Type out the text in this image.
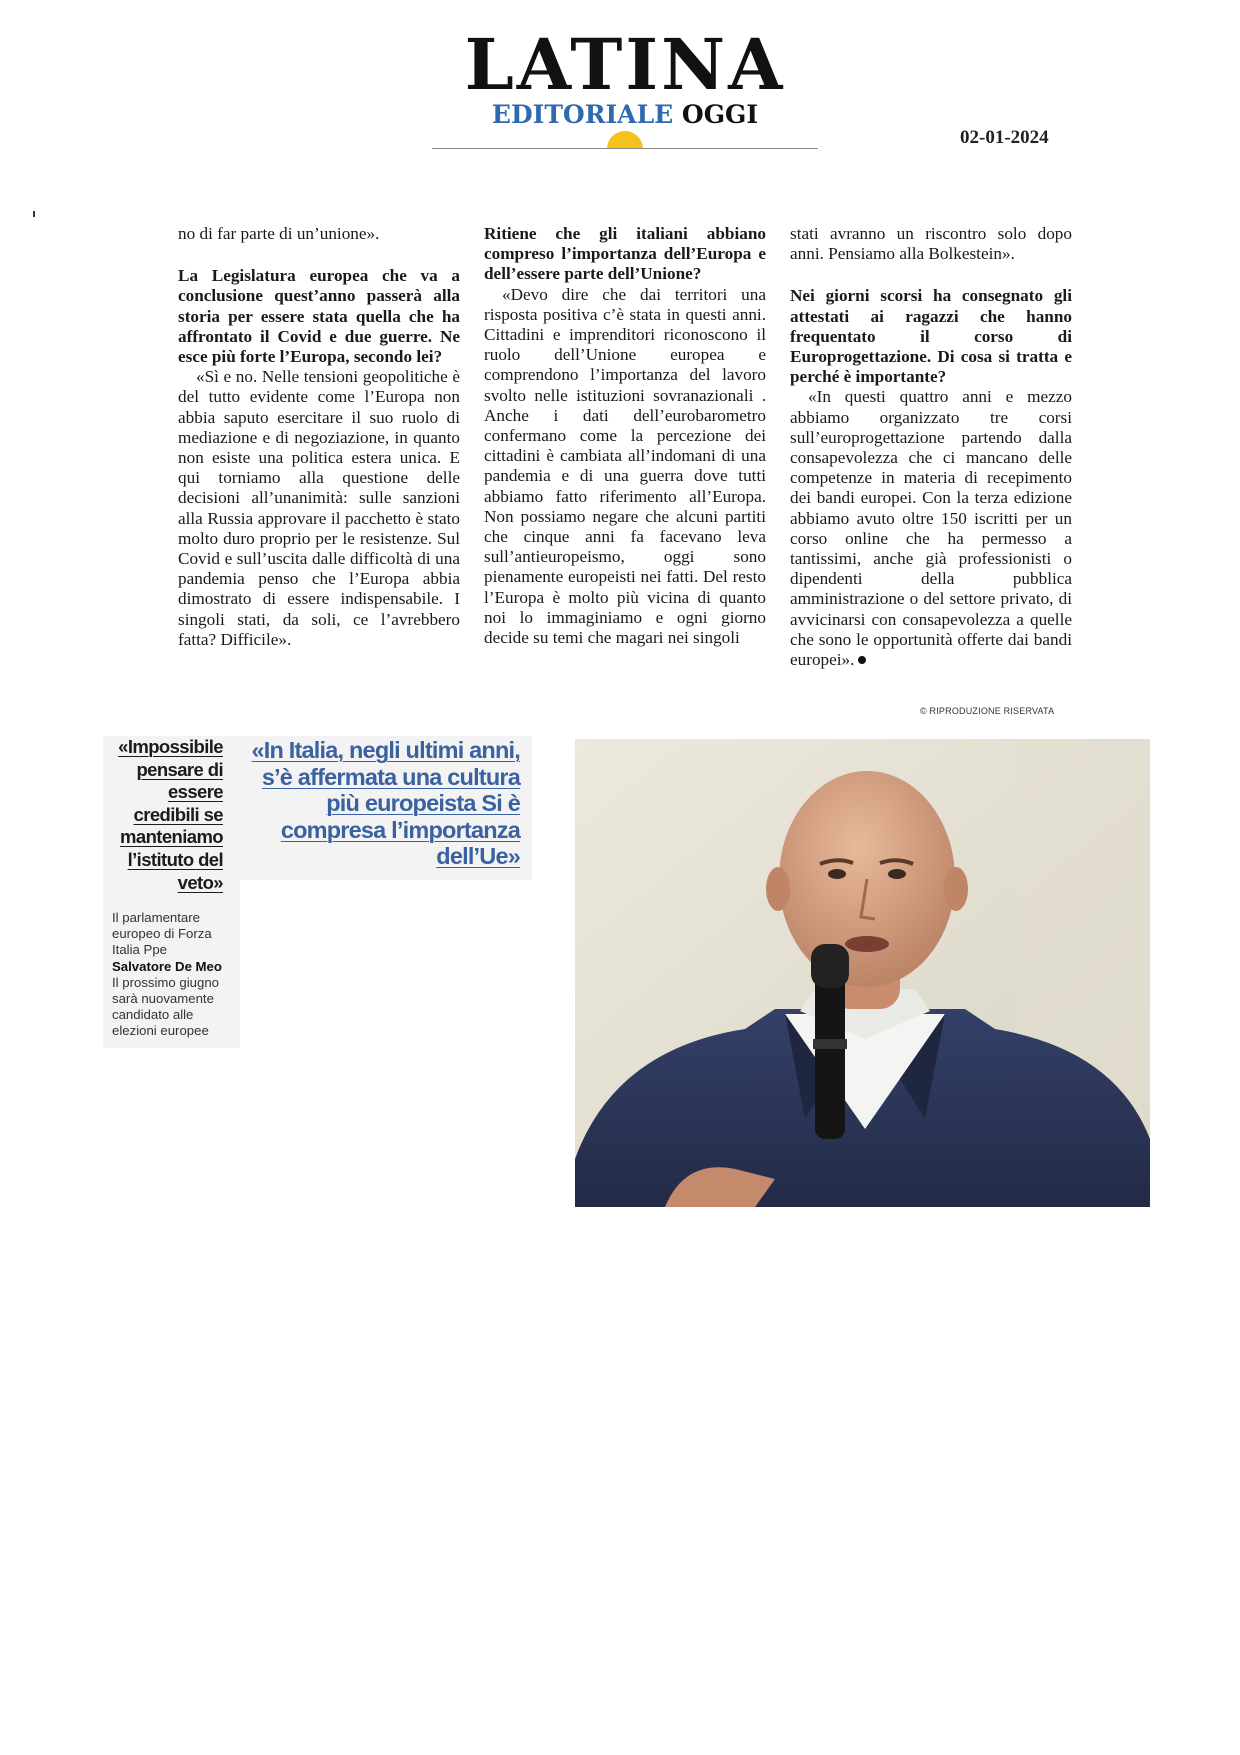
LATINA
EDITORIALE OGGI
02-01-2024

no di far parte di un’unione».

La Legislatura europea che va a conclusione quest’anno passerà alla storia per essere stata quella che ha affrontato il Covid e due guerre. Ne esce più forte l’Europa, secondo lei?

«Sì e no. Nelle tensioni geopolitiche è del tutto evidente come l’Europa non abbia saputo esercitare il suo ruolo di mediazione e di negoziazione, in quanto non esiste una politica estera unica. E qui torniamo alla questione delle decisioni all’unanimità: sulle sanzioni alla Russia approvare il pacchetto è stato molto duro proprio per le resistenze. Sul Covid e sull’uscita dalle difficoltà di una pandemia penso che l’Europa abbia dimostrato di essere indispensabile. I singoli stati, da soli, ce l’avrebbero fatta? Difficile».

Ritiene che gli italiani abbiano compreso l’importanza dell’Europa e dell’essere parte dell’Unione?

«Devo dire che dai territori una risposta positiva c’è stata in questi anni. Cittadini e imprenditori riconoscono il ruolo dell’Unione europea e comprendono l’importanza del lavoro svolto nelle istituzioni sovranazionali . Anche i dati dell’eurobarometro confermano come la percezione dei cittadini è cambiata all’indomani di una pandemia e di una guerra dove tutti abbiamo fatto riferimento all’Europa. Non possiamo negare che alcuni partiti che cinque anni fa facevano leva sull’antieuropeismo, oggi sono pienamente europeisti nei fatti. Del resto l’Europa è molto più vicina di quanto noi lo immaginiamo e ogni giorno decide su temi che magari nei singoli

stati avranno un riscontro solo dopo anni. Pensiamo alla Bolkestein».

Nei giorni scorsi ha consegnato gli attestati ai ragazzi che hanno frequentato il corso di Europrogettazione. Di cosa si tratta e perché è importante?

«In questi quattro anni e mezzo abbiamo organizzato tre corsi sull’europrogettazione partendo dalla consapevolezza che ci mancano delle competenze in materia di recepimento dei bandi europei. Con la terza edizione abbiamo avuto oltre 150 iscritti per un corso online che ha permesso a tantissimi, anche già professionisti o dipendenti della pubblica amministrazione o del settore privato, di avvicinarsi con consapevolezza a quelle che sono le opportunità offerte dai bandi europei».

© RIPRODUZIONE RISERVATA
«Impossibile pensare di essere credibili se manteniamo l’istituto del veto»
Il parlamentare europeo di Forza Italia Ppe
Salvatore De Meo
Il prossimo giugno sarà nuovamente candidato alle elezioni europee
«In Italia, negli ultimi anni, s’è affermata una cultura più europeista Si è compresa l’importanza dell’Ue»
